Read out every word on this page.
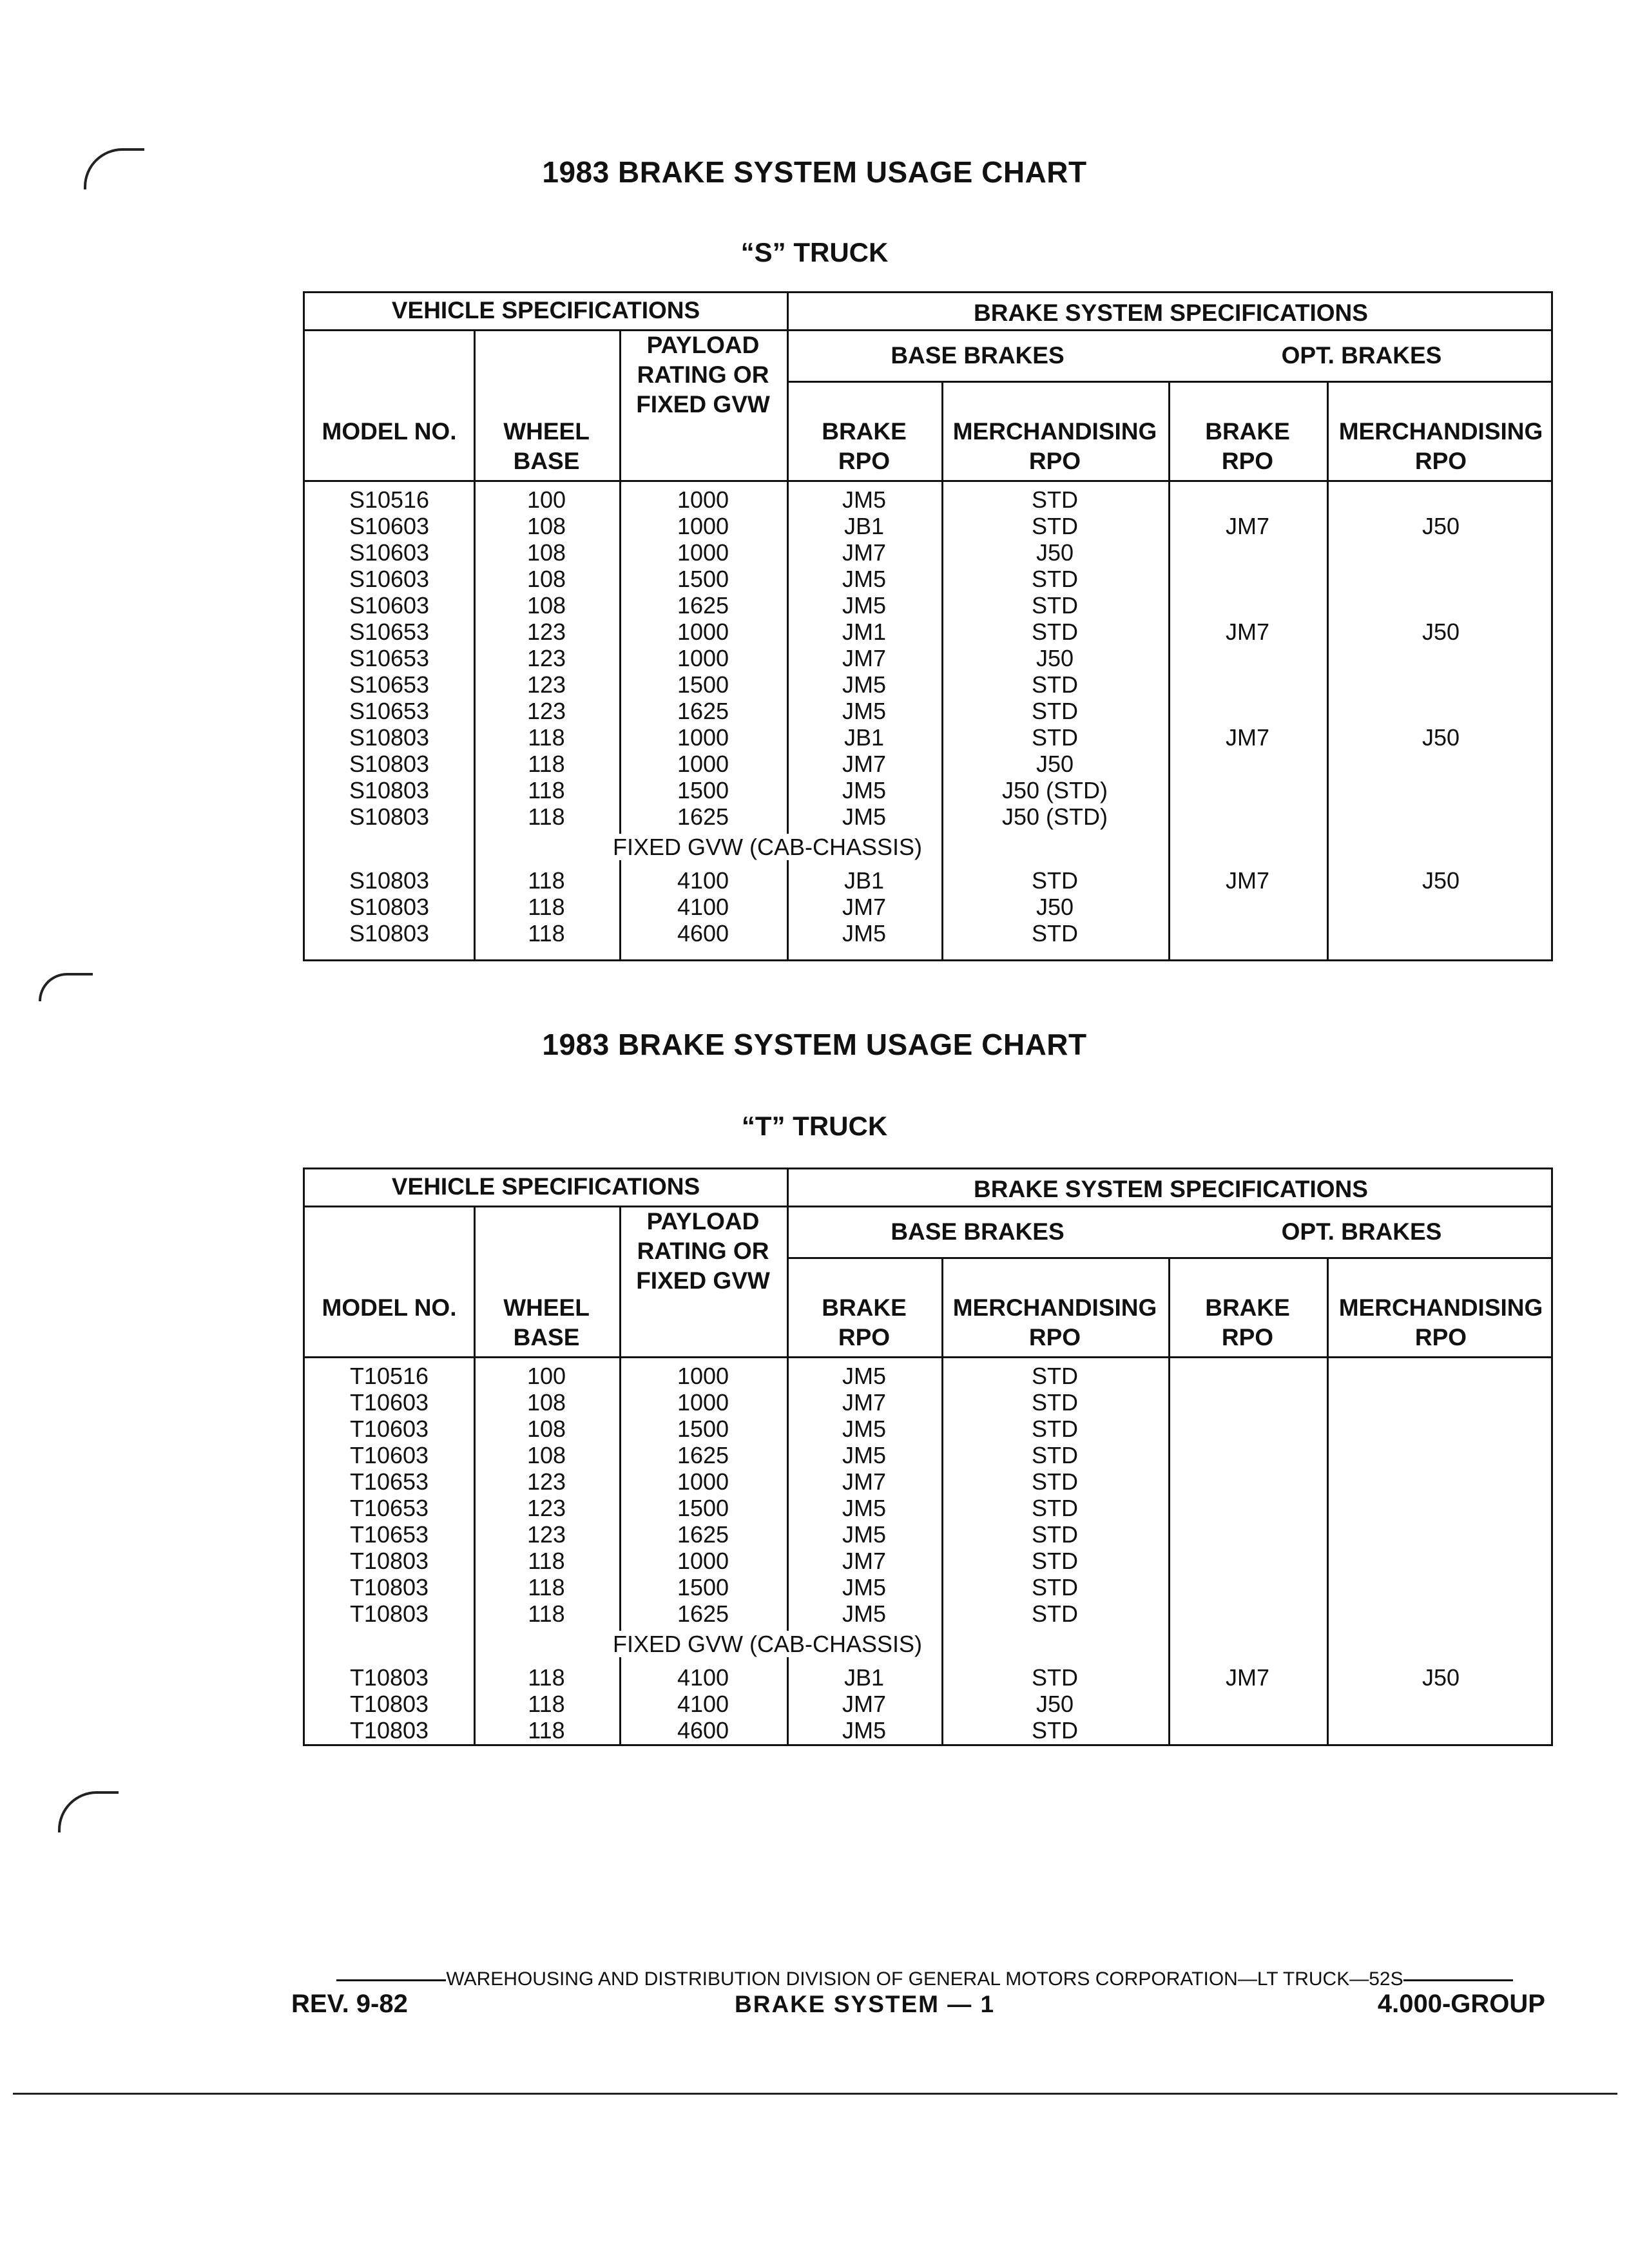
1983 BRAKE SYSTEM USAGE CHART
“S” TRUCK
VEHICLE SPECIFICATIONS	BRAKE SYSTEM SPECIFICATIONS
BASE BRAKES	OPT. BRAKES
MODEL NO.	WHEEL BASE
PAYLOAD RATING OR FIXED GVW
BRAKE RPO
MERCHANDISING RPO
BRAKE RPO
MERCHANDISING RPO
S10516	100	1000	JM5	STD
S10603	108	1000	JB1	STD	JM7	J50
S10603	108	1000	JM7	J50
S10603	108	1500	JM5	STD
S10603	108	1625	JM5	STD
S10653	123	1000	JM1	STD	JM7	J50
S10653	123	1000	JM7	J50
S10653	123	1500	JM5	STD
S10653	123	1625	JM5	STD
S10803	118	1000	JB1	STD	JM7	J50
S10803	118	1000	JM7	J50
S10803	118	1500	JM5	J50 (STD)
S10803	118	1625	JM5	J50 (STD)
FIXED GVW (CAB-CHASSIS)
S10803	118	4100	JB1	STD	JM7	J50
S10803	118	4100	JM7	J50
S10803	118	4600	JM5	STD
1983 BRAKE SYSTEM USAGE CHART
“T” TRUCK
VEHICLE SPECIFICATIONS	BRAKE SYSTEM SPECIFICATIONS
BASE BRAKES	OPT. BRAKES
MODEL NO.	WHEEL BASE
PAYLOAD RATING OR FIXED GVW
BRAKE RPO
MERCHANDISING RPO
BRAKE RPO
MERCHANDISING RPO
T10516	100	1000	JM5	STD
T10603	108	1000	JM7	STD
T10603	108	1500	JM5	STD
T10603	108	1625	JM5	STD
T10653	123	1000	JM7	STD
T10653	123	1500	JM5	STD
T10653	123	1625	JM5	STD
T10803	118	1000	JM7	STD
T10803	118	1500	JM5	STD
T10803	118	1625	JM5	STD
FIXED GVW (CAB-CHASSIS)
T10803	118	4100	JB1	STD	JM7	J50
T10803	118	4100	JM7	J50
T10803	118	4600	JM5	STD
WAREHOUSING AND DISTRIBUTION DIVISION OF GENERAL MOTORS CORPORATION—LT TRUCK—52S
REV. 9-82	BRAKE SYSTEM — 1	4.000-GROUP
